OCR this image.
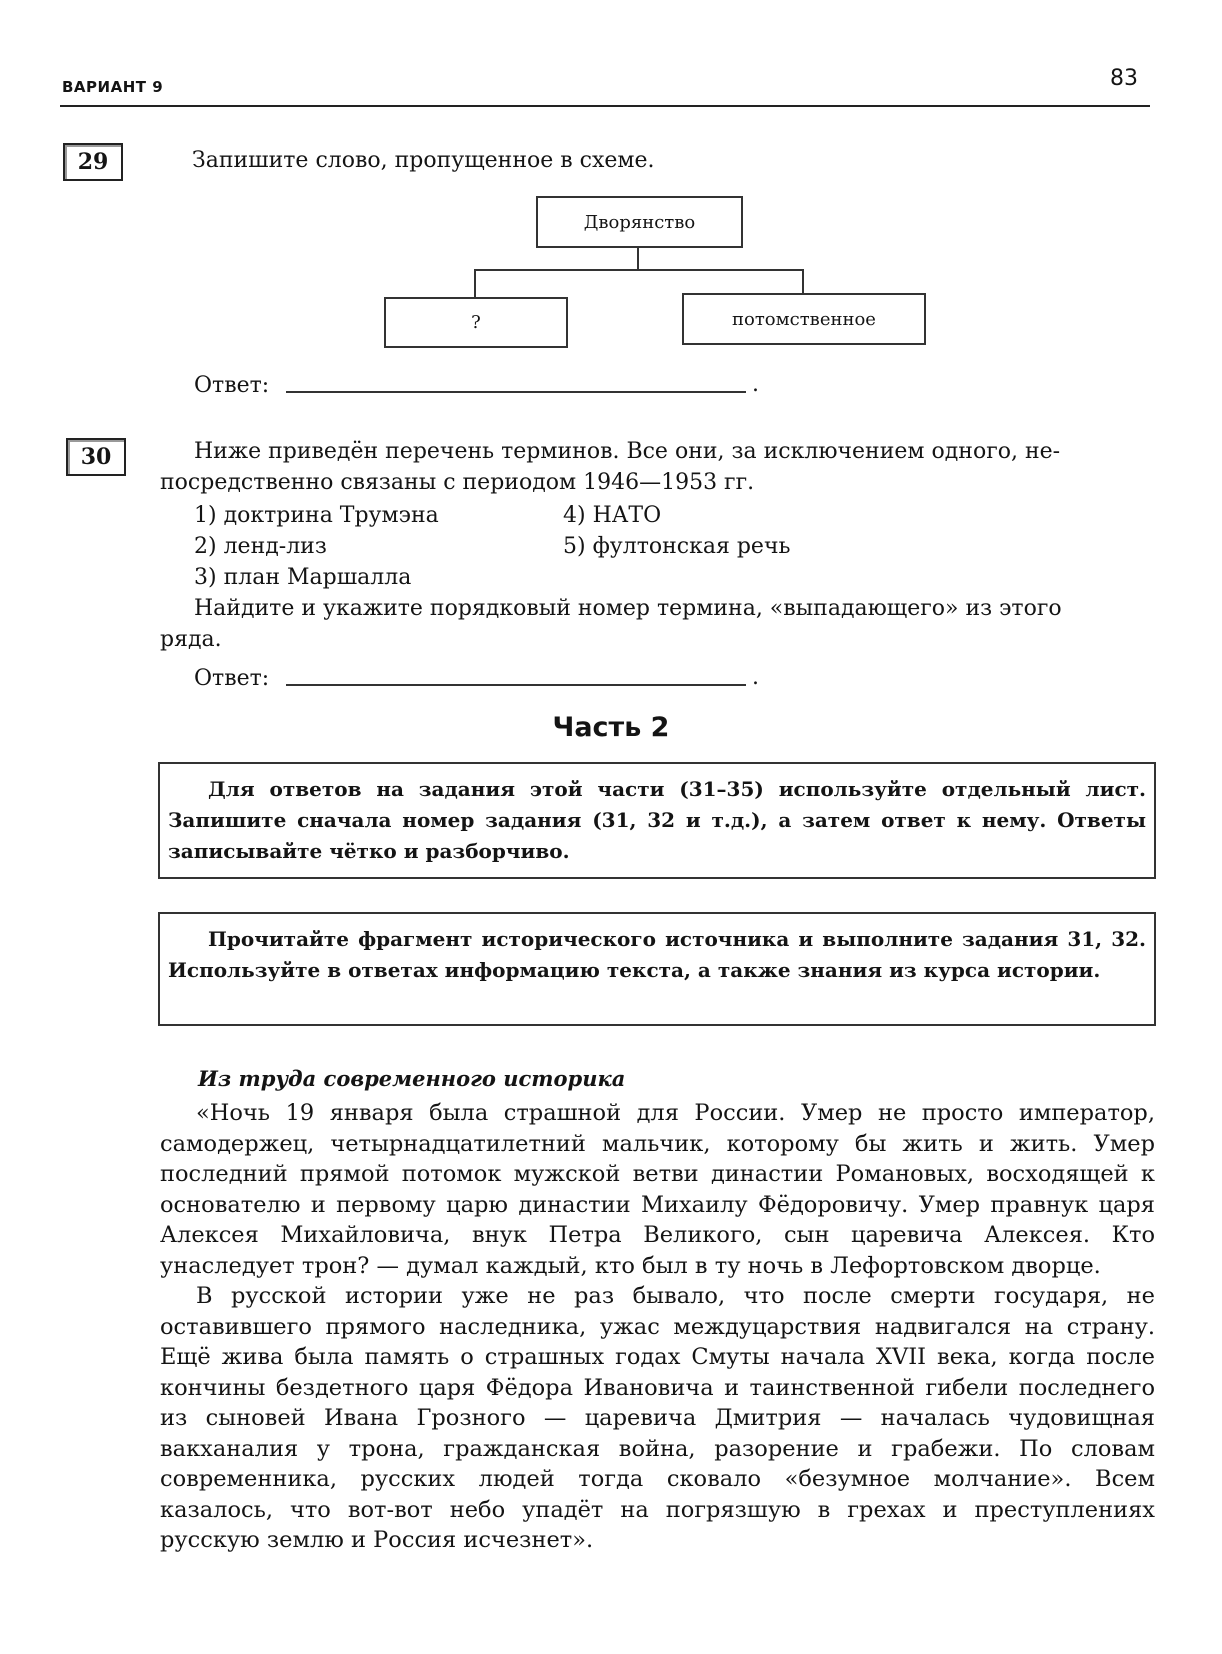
ВАРИАНТ 9	83
29	Запишите слово, пропущенное в схеме.
Дворянство
?	потомственное
Ответ:	.
30	Ниже приведён перечень терминов. Все они, за исключением одного, не-
посредственно связаны с периодом 1946—1953 гг.
1) доктрина Трумэна
2) ленд-лиз
3) план Маршалла
4) НАТО
5) фултонская речь
Найдите и укажите порядковый номер термина, «выпадающего» из этого
ряда.
Ответ:	.
Часть 2

Для ответов на задания этой части (31–35) используйте отдельный лист. Запишите сначала номер задания (31, 32 и т.д.), а затем ответ к нему. Ответы записывайте чётко и разборчиво.

Прочитайте фрагмент исторического источника и выполните задания 31, 32. Используйте в ответах информацию текста, а также знания из курса истории.

Из труда современного историка

«Ночь 19 января была страшной для России. Умер не просто император, самодержец, четырнадцатилетний мальчик, которому бы жить и жить. Умер последний прямой потомок мужской ветви династии Романовых, восходящей к основателю и первому царю династии Михаилу Фёдоровичу. Умер правнук царя Алексея Михайловича, внук Петра Великого, сын царевича Алексея. Кто унаследует трон? — думал каждый, кто был в ту ночь в Лефортовском дворце.

В русской истории уже не раз бывало, что после смерти государя, не оставившего прямого наследника, ужас междуцарствия надвигался на страну. Ещё жива была память о страшных годах Смуты начала XVII века, когда после кончины бездетного царя Фёдора Ивановича и таинственной гибели последнего из сыновей Ивана Грозного — царевича Дмитрия — началась чудовищная вакханалия у трона, гражданская война, разорение и грабежи. По словам современника, русских людей тогда сковало «безумное молчание». Всем казалось, что вот-вот небо упадёт на погрязшую в грехах и преступлениях русскую землю и Россия исчезнет».
